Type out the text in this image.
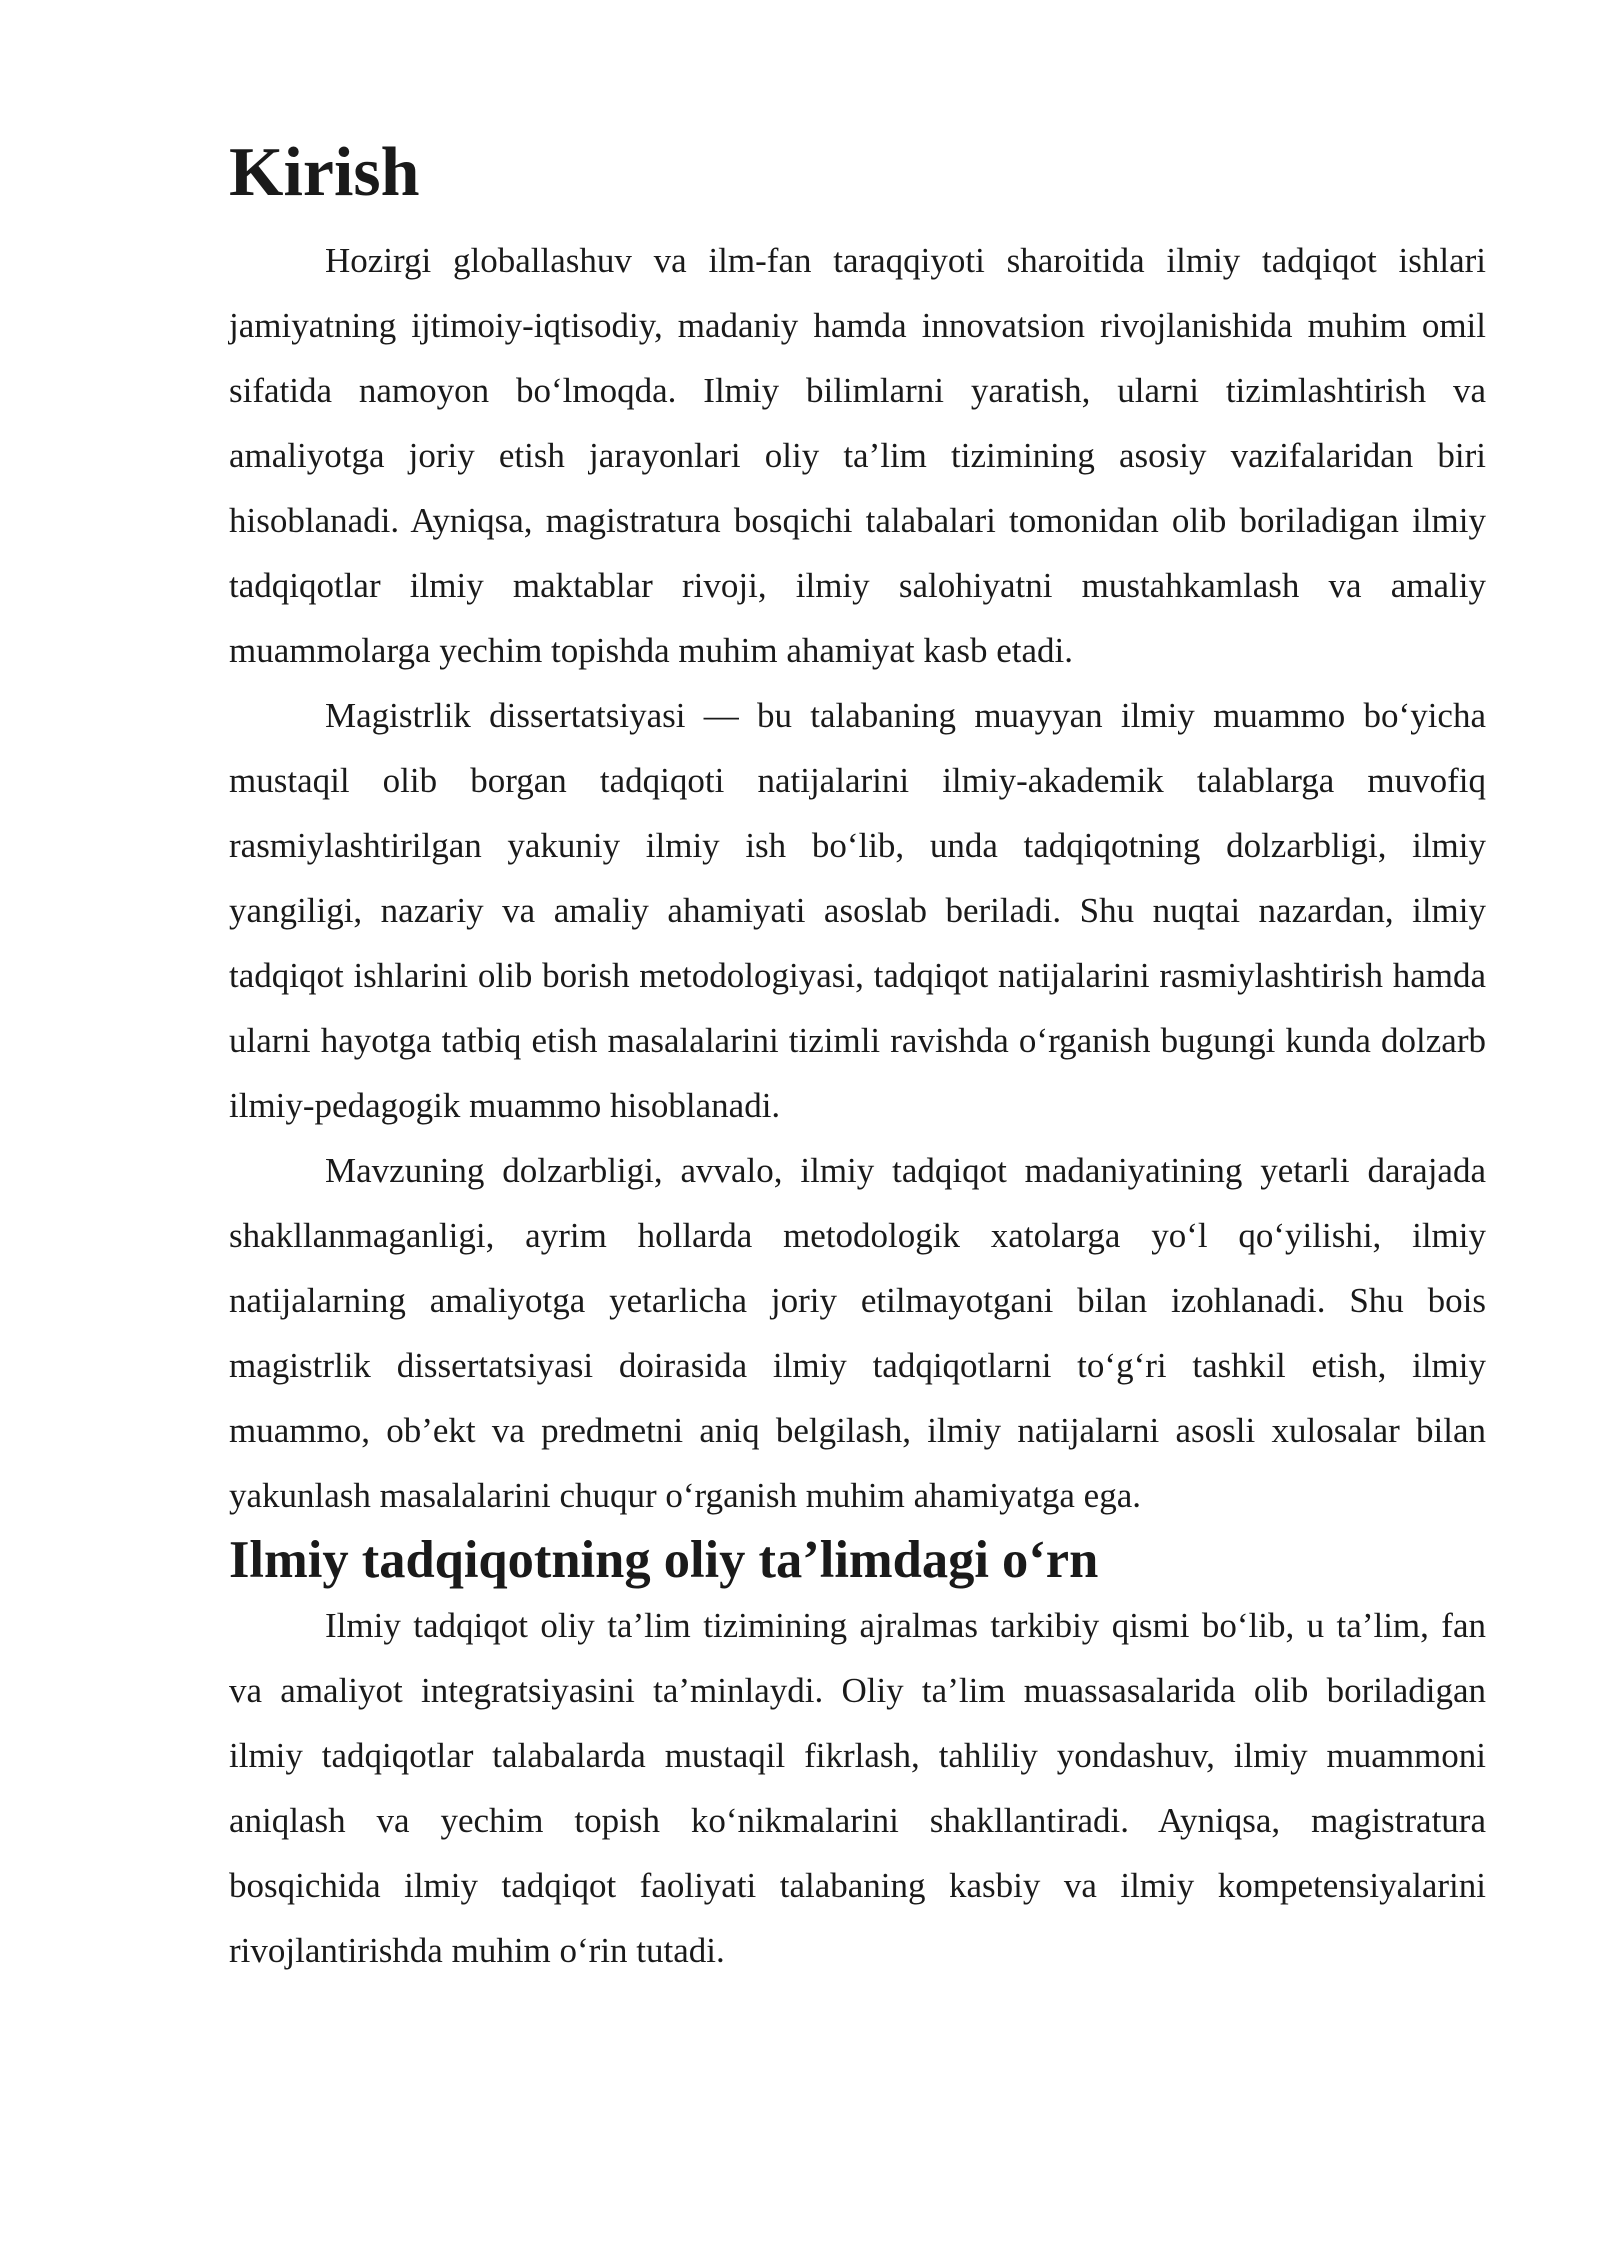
Kirish

Hozirgi globallashuv va ilm-fan taraqqiyoti sharoitida ilmiy tadqiqot ishlari jamiyatning ijtimoiy-iqtisodiy, madaniy hamda innovatsion rivojlanishida muhim omil sifatida namoyon bo‘lmoqda. Ilmiy bilimlarni yaratish, ularni tizimlashtirish va amaliyotga joriy etish jarayonlari oliy ta’lim tizimining asosiy vazifalaridan biri hisoblanadi. Ayniqsa, magistratura bosqichi talabalari tomonidan olib boriladigan ilmiy tadqiqotlar ilmiy maktablar rivoji, ilmiy salohiyatni mustahkamlash va amaliy muammolarga yechim topishda muhim ahamiyat kasb etadi.

Magistrlik dissertatsiyasi — bu talabaning muayyan ilmiy muammo bo‘yicha mustaqil olib borgan tadqiqoti natijalarini ilmiy-akademik talablarga muvofiq rasmiylashtirilgan yakuniy ilmiy ish bo‘lib, unda tadqiqotning dolzarbligi, ilmiy yangiligi, nazariy va amaliy ahamiyati asoslab beriladi. Shu nuqtai nazardan, ilmiy tadqiqot ishlarini olib borish metodologiyasi, tadqiqot natijalarini rasmiylashtirish hamda ularni hayotga tatbiq etish masalalarini tizimli ravishda o‘rganish bugungi kunda dolzarb ilmiy-pedagogik muammo hisoblanadi.

Mavzuning dolzarbligi, avvalo, ilmiy tadqiqot madaniyatining yetarli darajada shakllanmaganligi, ayrim hollarda metodologik xatolarga yo‘l qo‘yilishi, ilmiy natijalarning amaliyotga yetarlicha joriy etilmayotgani bilan izohlanadi. Shu bois magistrlik dissertatsiyasi doirasida ilmiy tadqiqotlarni to‘g‘ri tashkil etish, ilmiy muammo, ob’ekt va predmetni aniq belgilash, ilmiy natijalarni asosli xulosalar bilan yakunlash masalalarini chuqur o‘rganish muhim ahamiyatga ega.

Ilmiy tadqiqotning oliy ta’limdagi o‘rn

Ilmiy tadqiqot oliy ta’lim tizimining ajralmas tarkibiy qismi bo‘lib, u ta’lim, fan va amaliyot integratsiyasini ta’minlaydi. Oliy ta’lim muassasalarida olib boriladigan ilmiy tadqiqotlar talabalarda mustaqil fikrlash, tahliliy yondashuv, ilmiy muammoni aniqlash va yechim topish ko‘nikmalarini shakllantiradi. Ayniqsa, magistratura bosqichida ilmiy tadqiqot faoliyati talabaning kasbiy va ilmiy kompetensiyalarini rivojlantirishda muhim o‘rin tutadi.
